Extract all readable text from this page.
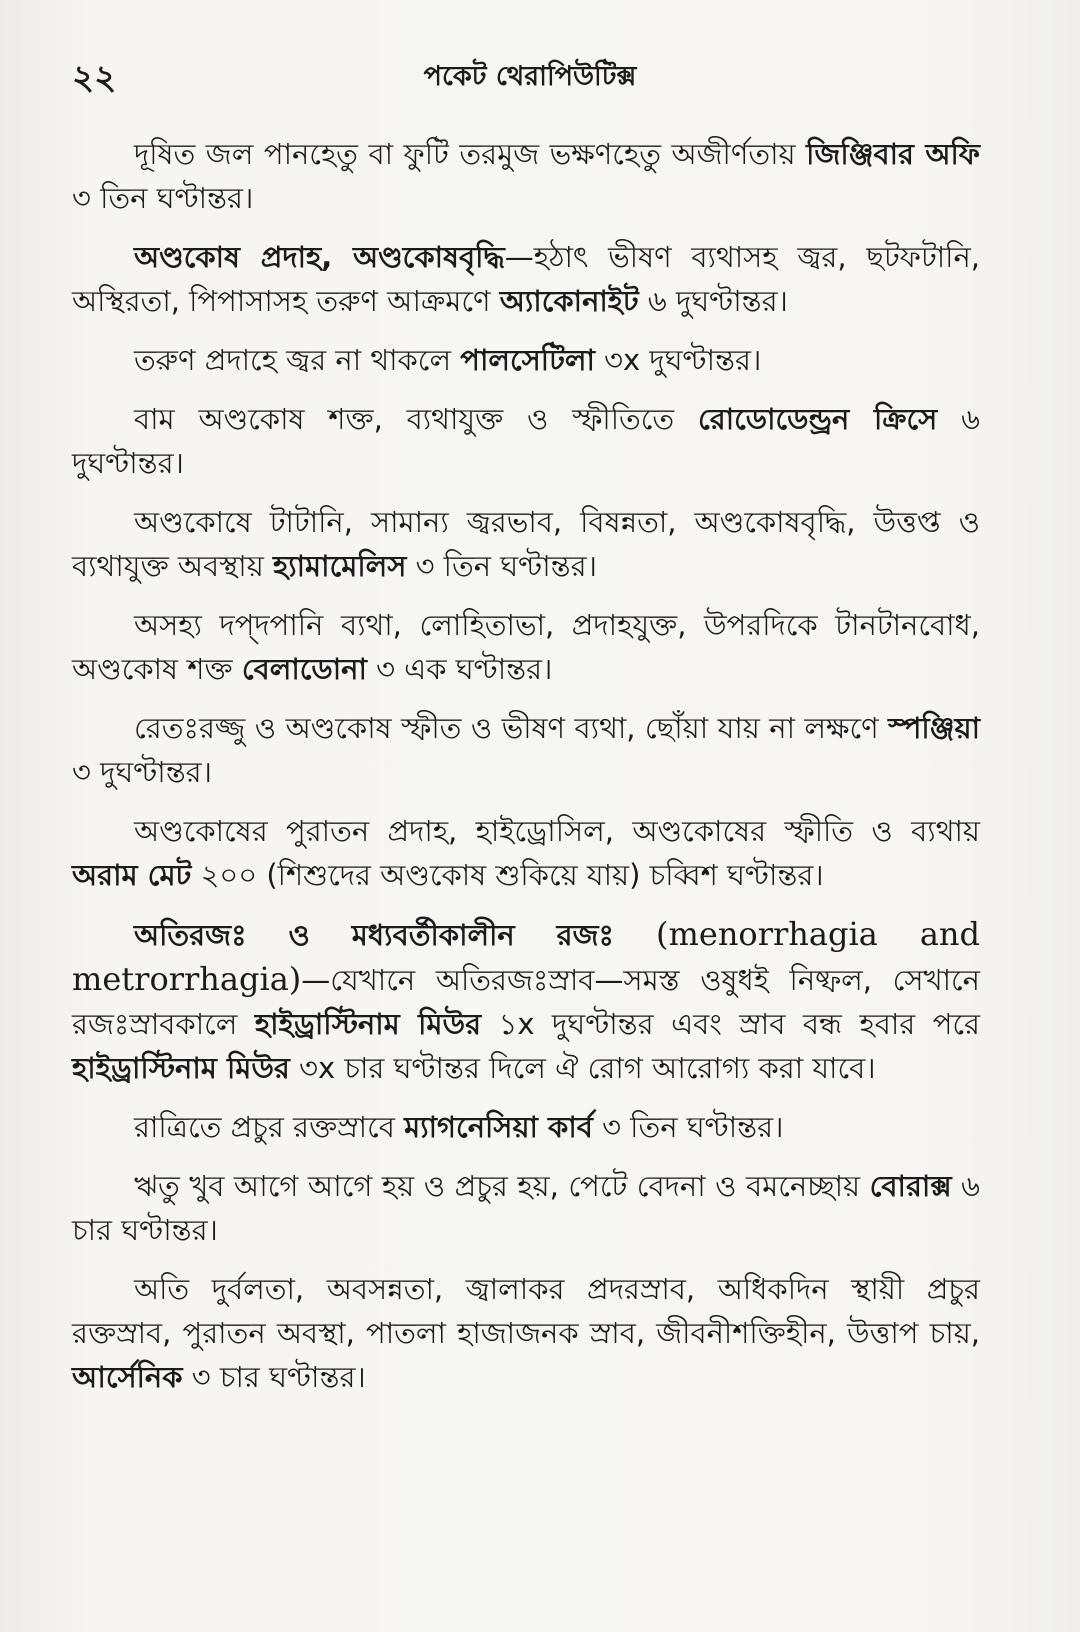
২২	পকেট থেরাপিউটিক্স

দূষিত জল পানহেতু বা ফুটি তরমুজ ভক্ষণহেতু অজীর্ণতায় জিঞ্জিবার অফি ৩ তিন ঘণ্টান্তর।

অণ্ডকোষ প্রদাহ, অণ্ডকোষবৃদ্ধি—হঠাৎ ভীষণ ব্যথাসহ জ্বর, ছটফটানি, অস্থিরতা, পিপাসাসহ তরুণ আক্রমণে অ্যাকোনাইট ৬ দুঘণ্টান্তর।

তরুণ প্রদাহে জ্বর না থাকলে পালসেটিলা ৩x দুঘণ্টান্তর।

বাম অণ্ডকোষ শক্ত, ব্যথাযুক্ত ও স্ফীতিতে রোডোডেন্ড্রন ক্রিসে ৬ দুঘণ্টান্তর।

অণ্ডকোষে টাটানি, সামান্য জ্বরভাব, বিষন্নতা, অণ্ডকোষবৃদ্ধি, উত্তপ্ত ও ব্যথাযুক্ত অবস্থায় হ্যামামেলিস ৩ তিন ঘণ্টান্তর।

অসহ্য দপ্‌দপানি ব্যথা, লোহিতাভা, প্রদাহযুক্ত, উপরদিকে টানটানবোধ, অণ্ডকোষ শক্ত বেলাডোনা ৩ এক ঘণ্টান্তর।

রেতঃরজ্জু ও অণ্ডকোষ স্ফীত ও ভীষণ ব্যথা, ছোঁয়া যায় না লক্ষণে স্পঞ্জিয়া ৩ দুঘণ্টান্তর।

অণ্ডকোষের পুরাতন প্রদাহ, হাইড্রোসিল, অণ্ডকোষের স্ফীতি ও ব্যথায় অরাম মেট ২০০ (শিশুদের অণ্ডকোষ শুকিয়ে যায়) চব্বিশ ঘণ্টান্তর।

অতিরজঃ ও মধ্যবর্তীকালীন রজঃ (menorrhagia and metrorrhagia)—যেখানে অতিরজঃস্রাব—সমস্ত ওষুধই নিষ্ফল, সেখানে রজঃস্রাবকালে হাইড্রাস্টিনাম মিউর ১x দুঘণ্টান্তর এবং স্রাব বন্ধ হবার পরে হাইড্রাস্টিনাম মিউর ৩x চার ঘণ্টান্তর দিলে ঐ রোগ আরোগ্য করা যাবে।

রাত্রিতে প্রচুর রক্তস্রাবে ম্যাগনেসিয়া কার্ব ৩ তিন ঘণ্টান্তর।

ঋতু খুব আগে আগে হয় ও প্রচুর হয়, পেটে বেদনা ও বমনেচ্ছায় বোরাক্স ৬ চার ঘণ্টান্তর।

অতি দুর্বলতা, অবসন্নতা, জ্বালাকর প্রদরস্রাব, অধিকদিন স্থায়ী প্রচুর রক্তস্রাব, পুরাতন অবস্থা, পাতলা হাজাজনক স্রাব, জীবনীশক্তিহীন, উত্তাপ চায়, আর্সেনিক ৩ চার ঘণ্টান্তর।
